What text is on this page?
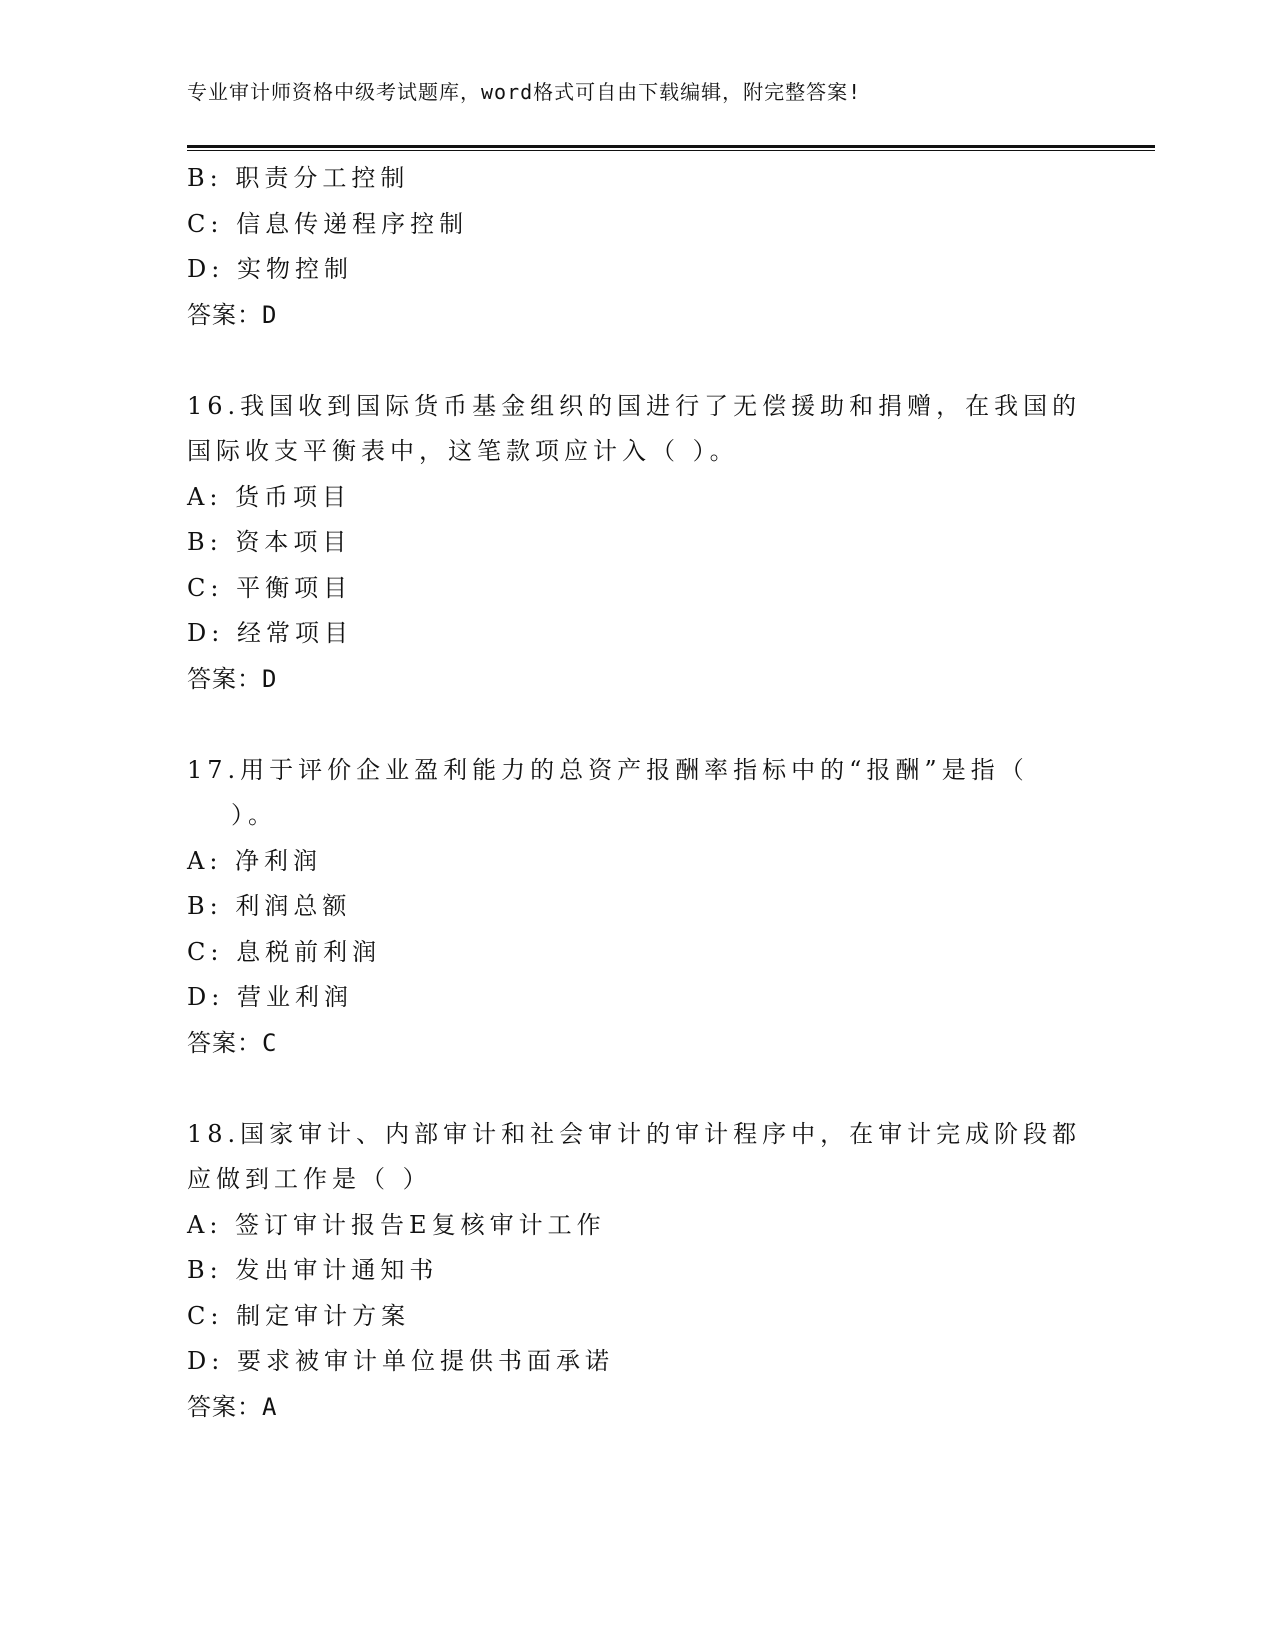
专业审计师资格中级考试题库，word格式可自由下载编辑，附完整答案!
B: 职责分工控制
C: 信息传递程序控制
D: 实物控制
答案：D
16.我国收到国际货币基金组织的国进行了无偿援助和捐赠，在我国的
国际收支平衡表中，这笔款项应计入（ ）。
A: 货币项目
B: 资本项目
C: 平衡项目
D: 经常项目
答案：D
17.用于评价企业盈利能力的总资产报酬率指标中的“报酬”是指（
）。
A: 净利润
B: 利润总额
C: 息税前利润
D: 营业利润
答案：C
18.国家审计、内部审计和社会审计的审计程序中，在审计完成阶段都
应做到工作是（ ）
A: 签订审计报告E复核审计工作
B: 发出审计通知书
C: 制定审计方案
D: 要求被审计单位提供书面承诺
答案：A
